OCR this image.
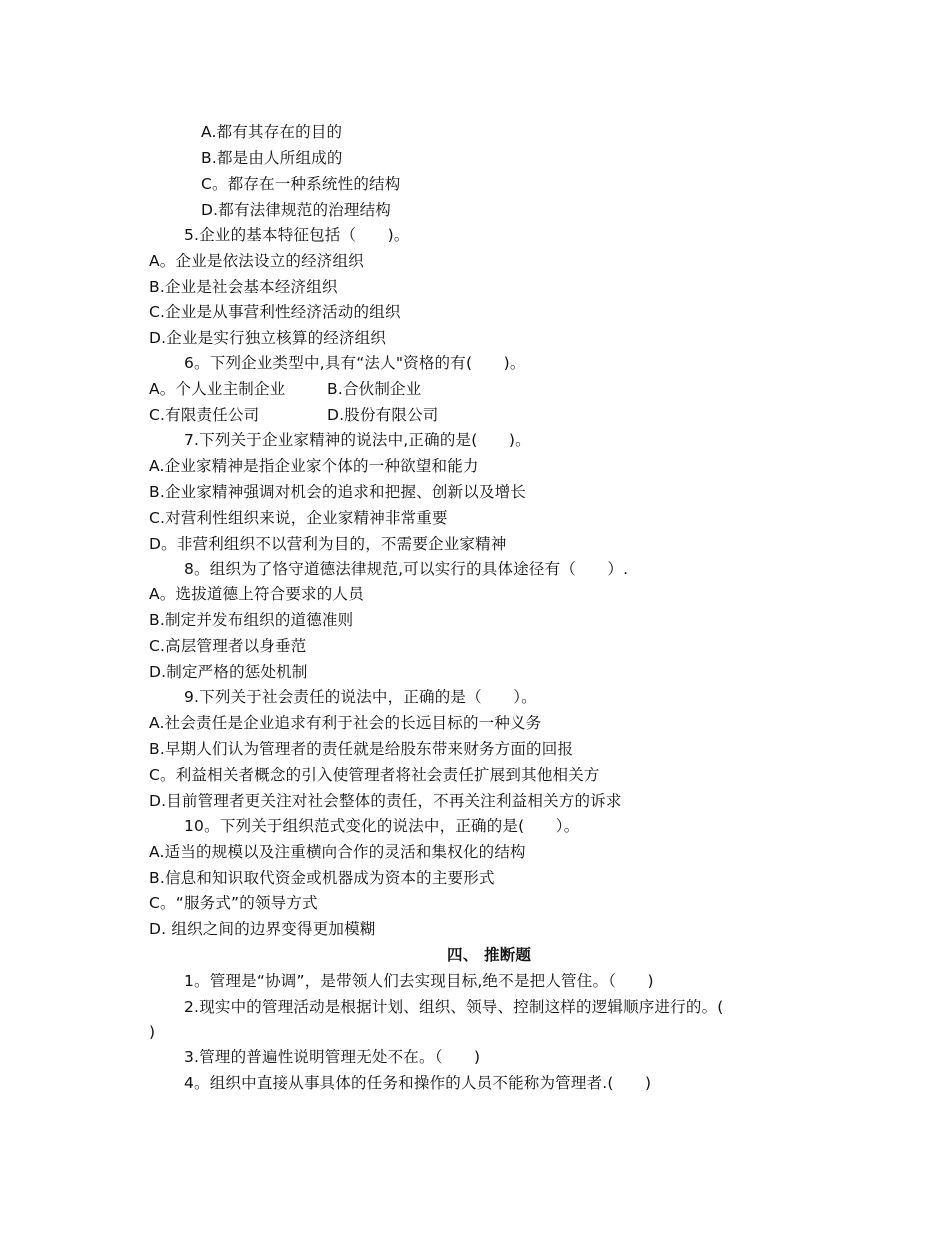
A.都有其存在的目的
B.都是由人所组成的
C。都存在一种系统性的结构
D.都有法律规范的治理结构
5.企业的基本特征包括（　　)。
A。企业是依法设立的经济组织
B.企业是社会基本经济组织
C.企业是从事营利性经济活动的组织
D.企业是实行独立核算的经济组织
6。下列企业类型中,具有“法人"资格的有(　　)。
A。个人业主制企业	B.合伙制企业
C.有限责任公司	D.股份有限公司
7.下列关于企业家精神的说法中,正确的是(　　)。
A.企业家精神是指企业家个体的一种欲望和能力
B.企业家精神强调对机会的追求和把握、创新以及增长
C.对营利性组织来说，企业家精神非常重要
D。非营利组织不以营利为目的，不需要企业家精神
8。组织为了恪守道德法律规范,可以实行的具体途径有（　　）.
A。选拔道德上符合要求的人员
B.制定并发布组织的道德准则
C.高层管理者以身垂范
D.制定严格的惩处机制
9.下列关于社会责任的说法中，正确的是（　　）。
A.社会责任是企业追求有利于社会的长远目标的一种义务
B.早期人们认为管理者的责任就是给股东带来财务方面的回报
C。利益相关者概念的引入使管理者将社会责任扩展到其他相关方
D.目前管理者更关注对社会整体的责任，不再关注利益相关方的诉求
10。下列关于组织范式变化的说法中，正确的是(　　）。
A.适当的规模以及注重横向合作的灵活和集权化的结构
B.信息和知识取代资金或机器成为资本的主要形式
C。“服务式”的领导方式
D. 组织之间的边界变得更加模糊
四、 推断题
1。管理是“协调”，是带领人们去实现目标,绝不是把人管住。（　　)
2.现实中的管理活动是根据计划、组织、领导、控制这样的逻辑顺序进行的。(
)
3.管理的普遍性说明管理无处不在。（　　)
4。组织中直接从事具体的任务和操作的人员不能称为管理者.(　　)
